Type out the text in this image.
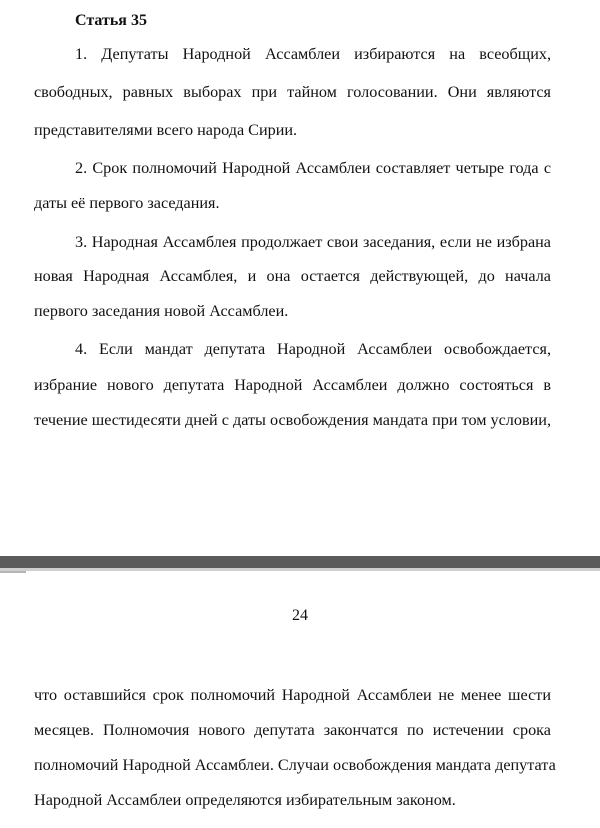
Статья 35

1. Депутаты Народной Ассамблеи избираются на всеобщих,

свободных, равных выборах при тайном голосовании. Они являются

представителями всего народа Сирии.

2. Срок полномочий Народной Ассамблеи составляет четыре года с

даты её первого заседания.

3. Народная Ассамблея продолжает свои заседания, если не избрана

новая Народная Ассамблея, и она остается действующей, до начала

первого заседания новой Ассамблеи.

4. Если мандат депутата Народной Ассамблеи освобождается,

избрание нового депутата Народной Ассамблеи должно состояться в

течение шестидесяти дней с даты освобождения мандата при том условии,

24

что оставшийся срок полномочий Народной Ассамблеи не менее шести

месяцев. Полномочия нового депутата закончатся по истечении срока

полномочий Народной Ассамблеи. Случаи освобождения мандата депутата

Народной Ассамблеи определяются избирательным законом.
